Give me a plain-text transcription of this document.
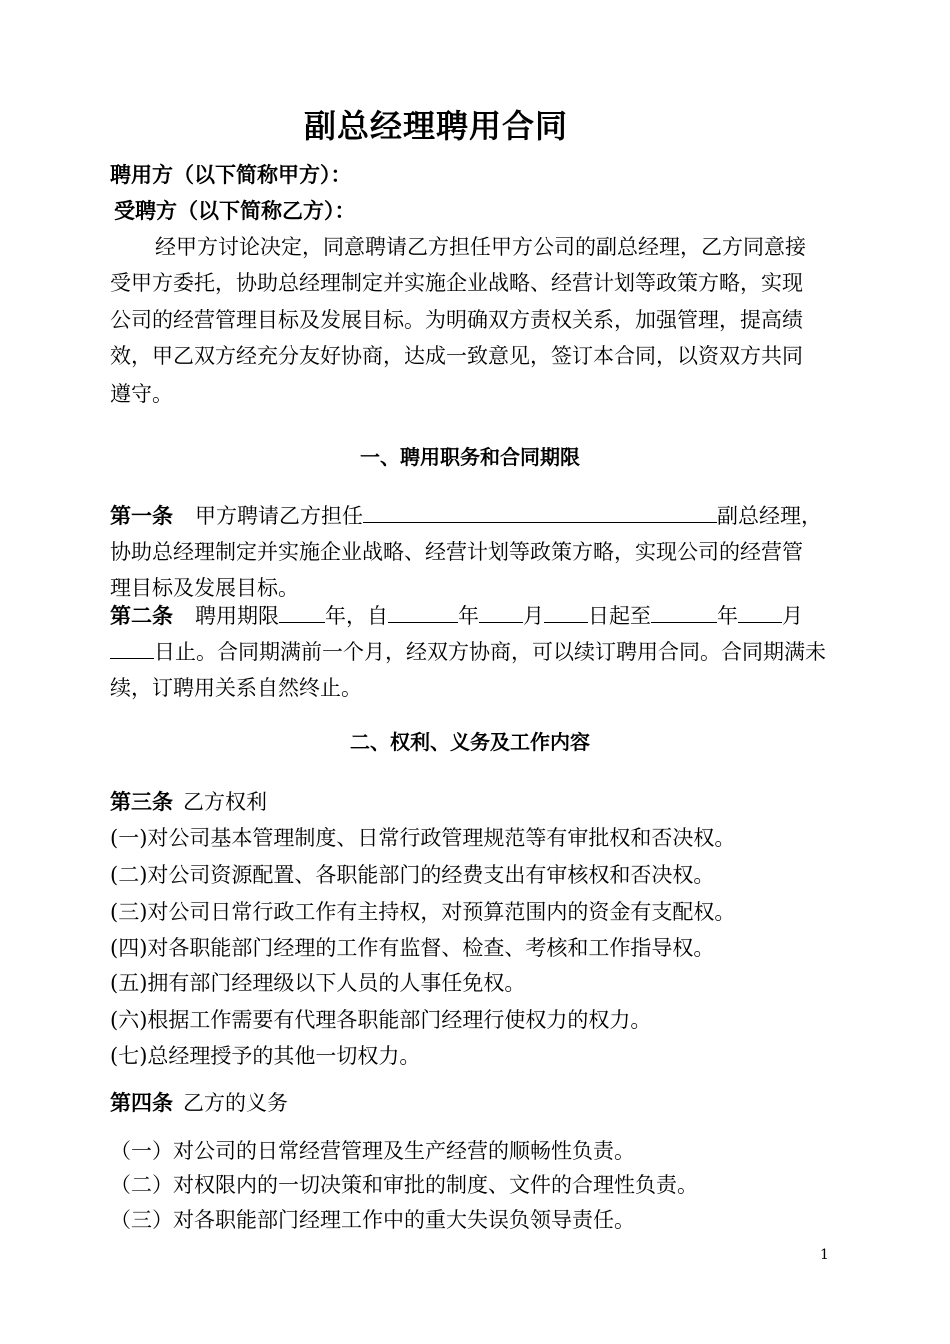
副总经理聘用合同
聘用方（以下简称甲方）：
受聘方（以下简称乙方）：
经甲方讨论决定，同意聘请乙方担任甲方公司的副总经理，乙方同意接
受甲方委托，协助总经理制定并实施企业战略、经营计划等政策方略，实现
公司的经营管理目标及发展目标。为明确双方责权关系，加强管理，提高绩
效，甲乙双方经充分友好协商，达成一致意见，签订本合同，以资双方共同
遵守。
一、聘用职务和合同期限
第一条 甲方聘请乙方担任	副总经理，
协助总经理制定并实施企业战略、经营计划等政策方略，实现公司的经营管
理目标及发展目标。
第二条 聘用期限 年，自	年 月 日起至	年 月
日止。合同期满前一个月，经双方协商，可以续订聘用合同。合同期满未
续，订聘用关系自然终止。
二、权利、义务及工作内容
第三条 乙方权利
(一)对公司基本管理制度、日常行政管理规范等有审批权和否决权。
(二)对公司资源配置、各职能部门的经费支出有审核权和否决权。
(三)对公司日常行政工作有主持权，对预算范围内的资金有支配权。
(四)对各职能部门经理的工作有监督、检查、考核和工作指导权。
(五)拥有部门经理级以下人员的人事任免权。
(六)根据工作需要有代理各职能部门经理行使权力的权力。
(七)总经理授予的其他一切权力。
第四条 乙方的义务
（一）对公司的日常经营管理及生产经营的顺畅性负责。
（二）对权限内的一切决策和审批的制度、文件的合理性负责。
（三）对各职能部门经理工作中的重大失误负领导责任。
1
